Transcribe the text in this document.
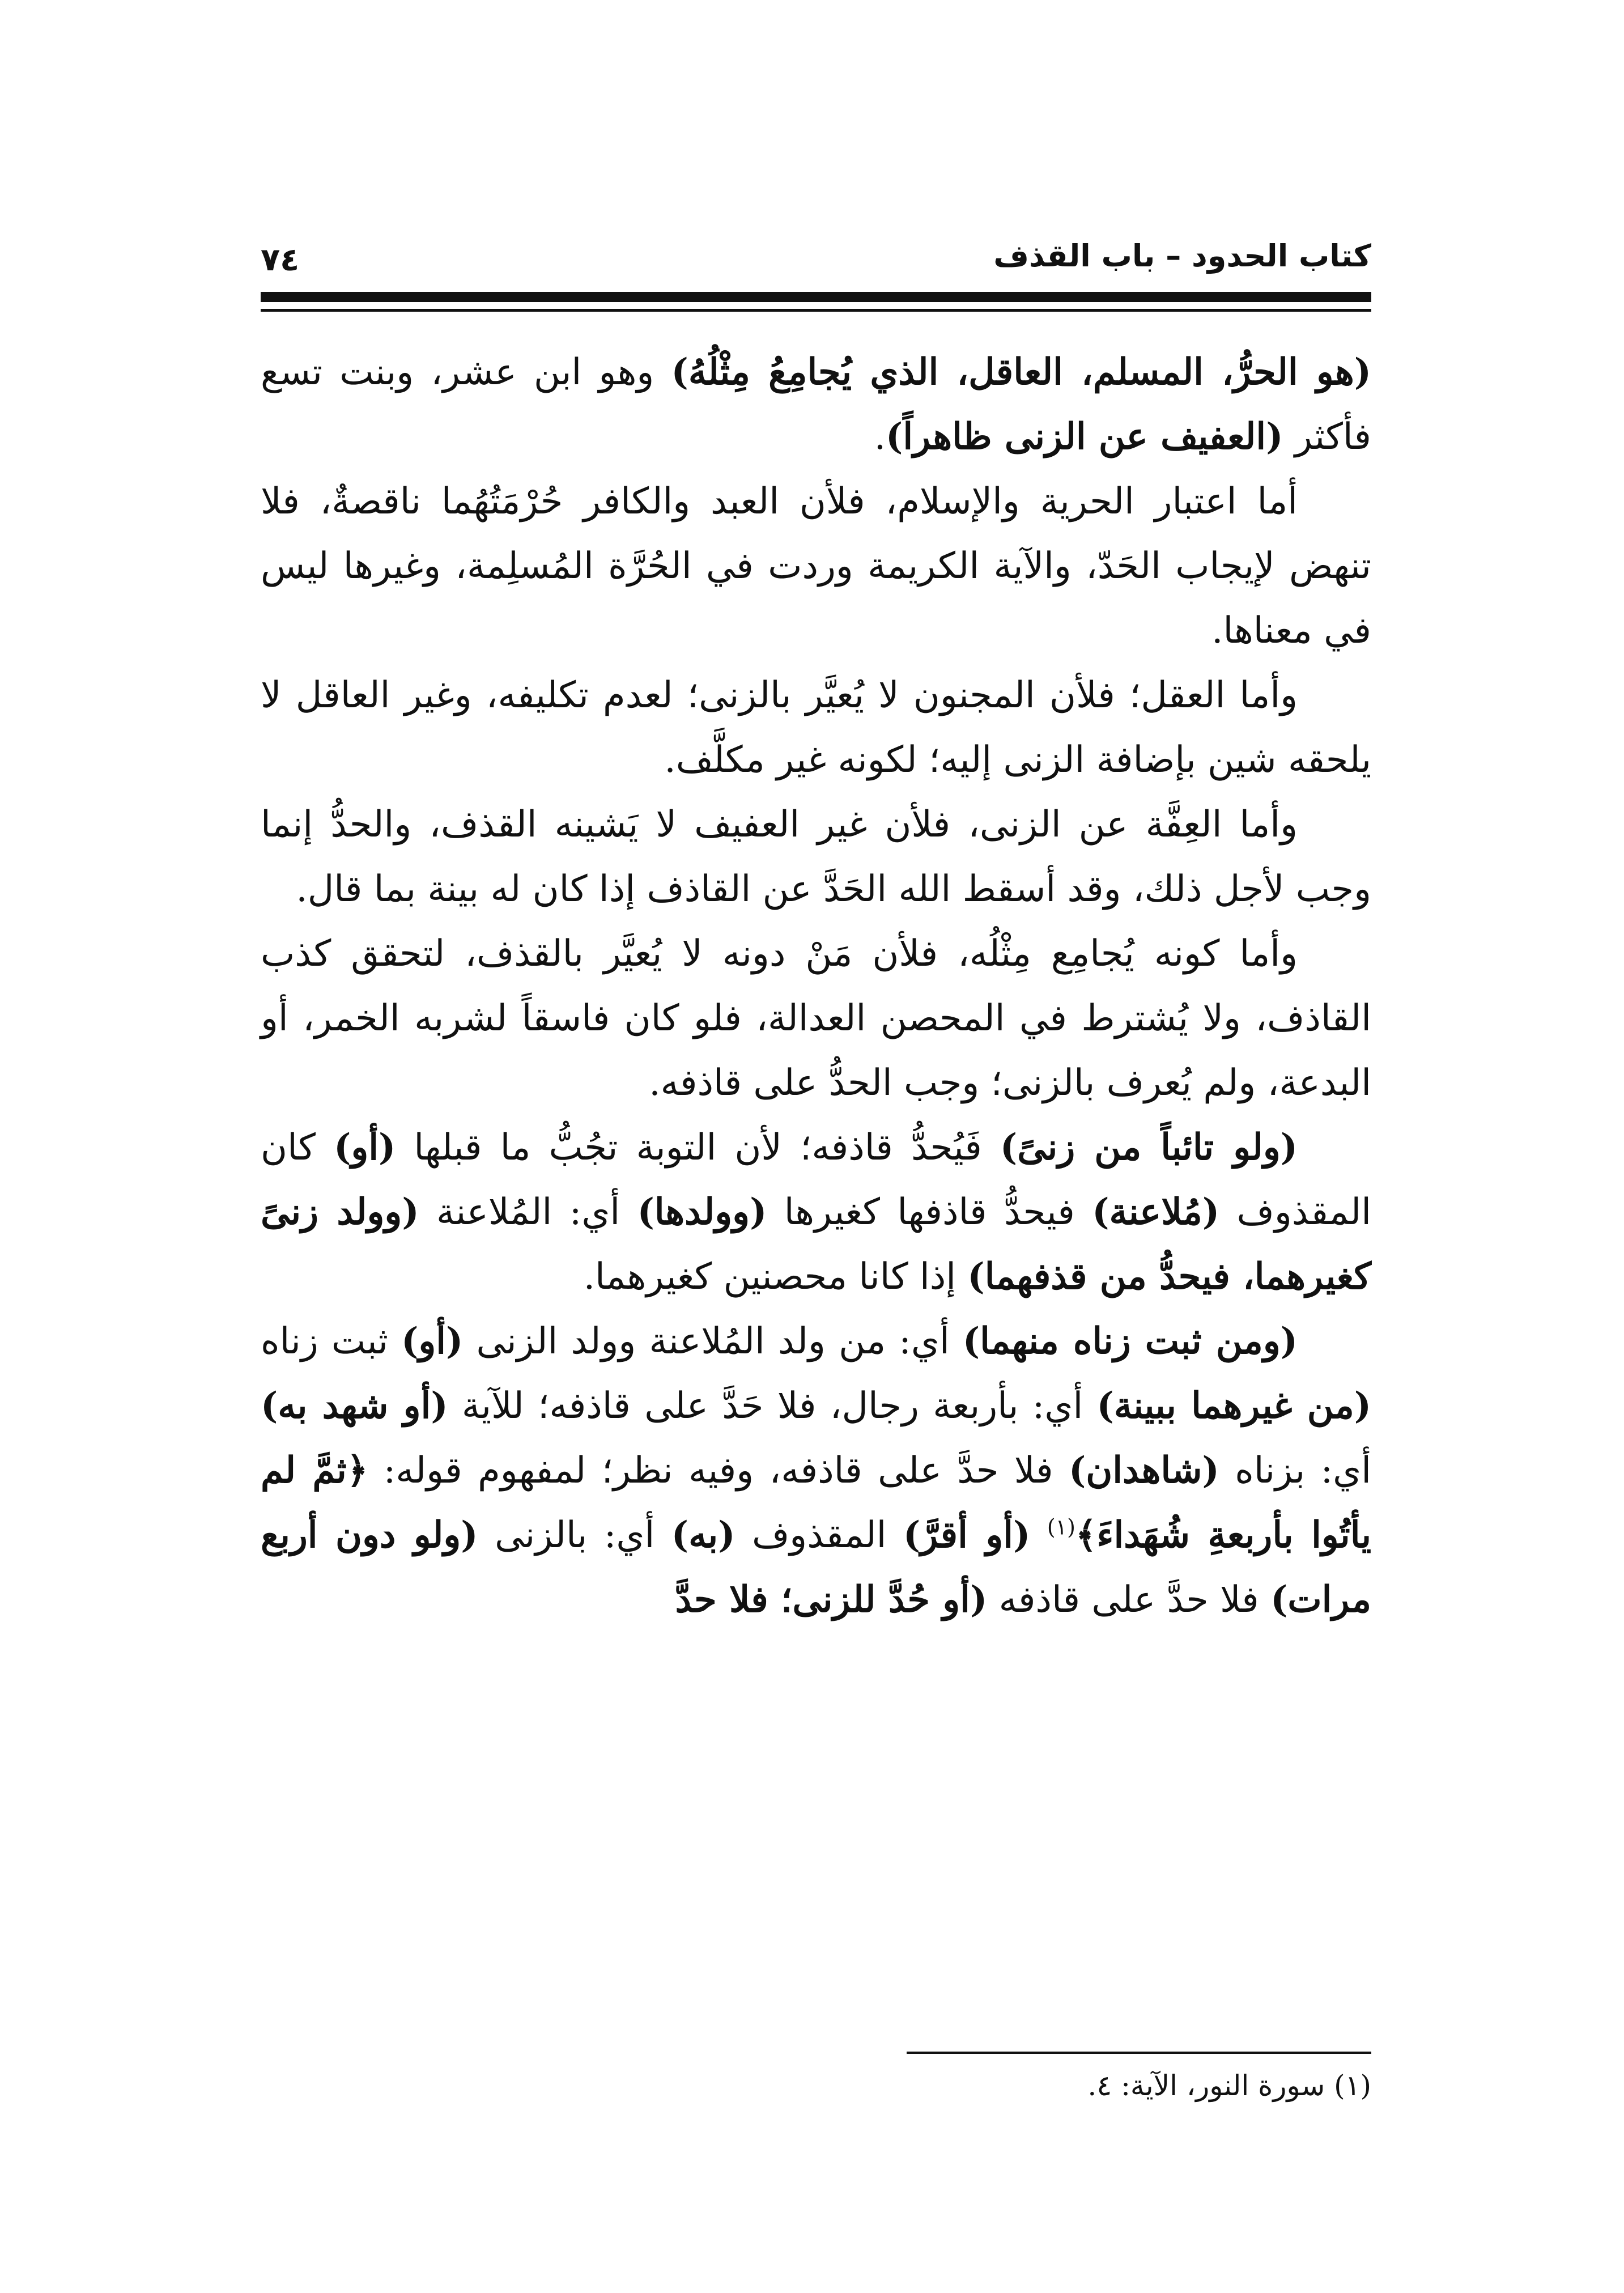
كتاب الحدود – باب القذف
٧٤

(هو الحرُّ، المسلم، العاقل، الذي يُجامِعُ مِثْلُهُ) وهو ابن عشر، وبنت تسع فأكثر (العفيف عن الزنى ظاهراً).

أما اعتبار الحرية والإسلام، فلأن العبد والكافر حُرْمَتُهُما ناقصةٌ، فلا تنهض لإيجاب الحَدّ، والآية الكريمة وردت في الحُرَّة المُسلِمة، وغيرها ليس في معناها.

وأما العقل؛ فلأن المجنون لا يُعيَّر بالزنى؛ لعدم تكليفه، وغير العاقل لا يلحقه شين بإضافة الزنى إليه؛ لكونه غير مكلَّف.

وأما العِفَّة عن الزنى، فلأن غير العفيف لا يَشينه القذف، والحدُّ إنما وجب لأجل ذلك، وقد أسقط الله الحَدَّ عن القاذف إذا كان له بينة بما قال.

وأما كونه يُجامِع مِثْلُه، فلأن مَنْ دونه لا يُعيَّر بالقذف، لتحقق كذب القاذف، ولا يُشترط في المحصن العدالة، فلو كان فاسقاً لشربه الخمر، أو البدعة، ولم يُعرف بالزنى؛ وجب الحدُّ على قاذفه.

(ولو تائباً من زنىً) فَيُحدُّ قاذفه؛ لأن التوبة تجُبُّ ما قبلها (أو) كان المقذوف (مُلاعنة) فيحدُّ قاذفها كغيرها (وولدها) أي: المُلاعنة (وولد زنىً كغيرهما، فيحدُّ من قذفهما) إذا كانا محصنين كغيرهما.

(ومن ثبت زناه منهما) أي: من ولد المُلاعنة وولد الزنى (أو) ثبت زناه (من غيرهما ببينة) أي: بأربعة رجال، فلا حَدَّ على قاذفه؛ للآية (أو شهد به) أي: بزناه (شاهدان) فلا حدَّ على قاذفه، وفيه نظر؛ لمفهوم قوله: ﴿ثمَّ لم يأتُوا بأربعةِ شُهَداءَ﴾$^{(١)}$ (أو أقرَّ) المقذوف (به) أي: بالزنى (ولو دون أربع مرات) فلا حدَّ على قاذفه (أو حُدَّ للزنى؛ فلا حدَّ

(١) سورة النور، الآية: ٤.
